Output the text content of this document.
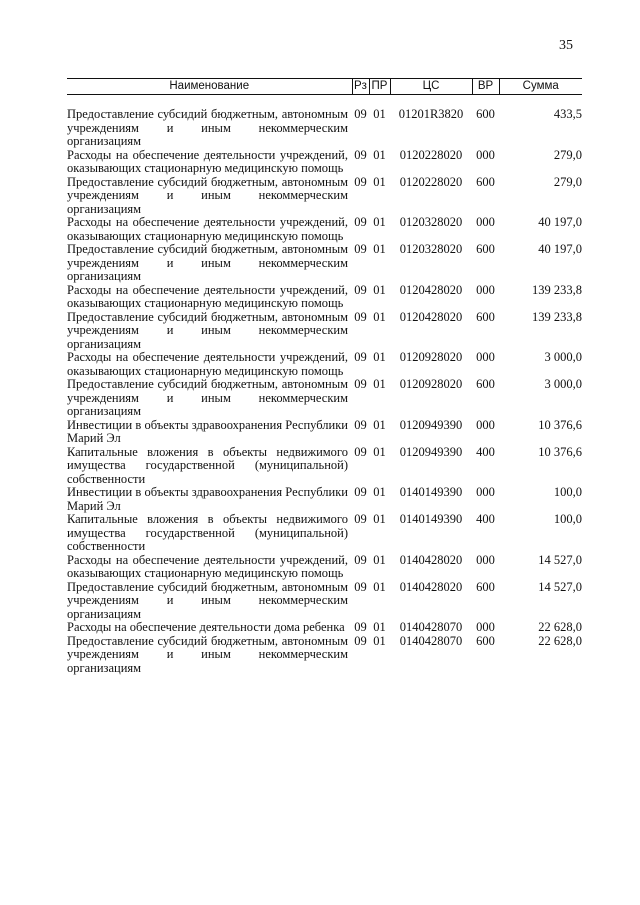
35
Наименование	Рз	ПР	ЦС	ВР	Сумма
Предоставление субсидий бюджетным, автономным учреждениям и иным некоммерческим организациям	09	01	01201R3820	600	433,5
Расходы на обеспечение деятельности учреждений, оказывающих стационарную медицинскую помощь	09	01	0120228020	000	279,0
Предоставление субсидий бюджетным, автономным учреждениям и иным некоммерческим организациям	09	01	0120228020	600	279,0
Расходы на обеспечение деятельности учреждений, оказывающих стационарную медицинскую помощь	09	01	0120328020	000	40 197,0
Предоставление субсидий бюджетным, автономным учреждениям и иным некоммерческим организациям	09	01	0120328020	600	40 197,0
Расходы на обеспечение деятельности учреждений, оказывающих стационарную медицинскую помощь	09	01	0120428020	000	139 233,8
Предоставление субсидий бюджетным, автономным учреждениям и иным некоммерческим организациям	09	01	0120428020	600	139 233,8
Расходы на обеспечение деятельности учреждений, оказывающих стационарную медицинскую помощь	09	01	0120928020	000	3 000,0
Предоставление субсидий бюджетным, автономным учреждениям и иным некоммерческим организациям	09	01	0120928020	600	3 000,0
Инвестиции в объекты здравоохранения Республики Марий Эл	09	01	0120949390	000	10 376,6
Капитальные вложения в объекты недвижимого имущества государственной (муниципальной) собственности	09	01	0120949390	400	10 376,6
Инвестиции в объекты здравоохранения Республики Марий Эл	09	01	0140149390	000	100,0
Капитальные вложения в объекты недвижимого имущества государственной (муниципальной) собственности	09	01	0140149390	400	100,0
Расходы на обеспечение деятельности учреждений, оказывающих стационарную медицинскую помощь	09	01	0140428020	000	14 527,0
Предоставление субсидий бюджетным, автономным учреждениям и иным некоммерческим организациям	09	01	0140428020	600	14 527,0
Расходы на обеспечение деятельности дома ребенка	09	01	0140428070	000	22 628,0
Предоставление субсидий бюджетным, автономным учреждениям и иным некоммерческим организациям	09	01	0140428070	600	22 628,0
